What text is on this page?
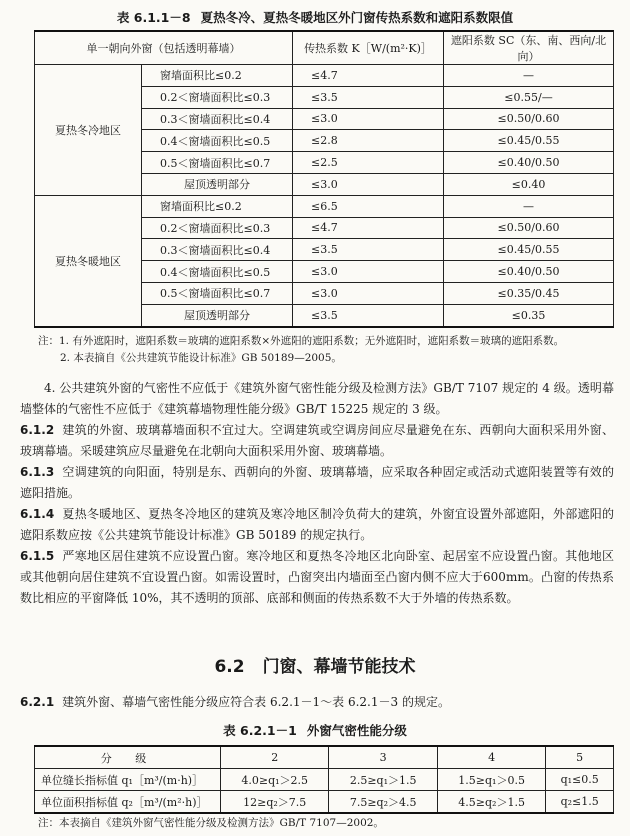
表 6.1.1－8 夏热冬冷、夏热冬暖地区外门窗传热系数和遮阳系数限值
单一朝向外窗（包括透明幕墙）		传热系数 K［W/(m²·K)］	遮阳系数 SC（东、南、西向/北向）
夏热冬冷地区	窗墙面积比≤0.2	≤4.7	—
	0.2＜窗墙面积比≤0.3	≤3.5	≤0.55/—
	0.3＜窗墙面积比≤0.4	≤3.0	≤0.50/0.60
	0.4＜窗墙面积比≤0.5	≤2.8	≤0.45/0.55
	0.5＜窗墙面积比≤0.7	≤2.5	≤0.40/0.50
	屋顶透明部分	≤3.0	≤0.40
夏热冬暖地区	窗墙面积比≤0.2	≤6.5	—
	0.2＜窗墙面积比≤0.3	≤4.7	≤0.50/0.60
	0.3＜窗墙面积比≤0.4	≤3.5	≤0.45/0.55
	0.4＜窗墙面积比≤0.5	≤3.0	≤0.40/0.50
	0.5＜窗墙面积比≤0.7	≤3.0	≤0.35/0.45
	屋顶透明部分	≤3.5	≤0.35
注：1. 有外遮阳时，遮阳系数＝玻璃的遮阳系数×外遮阳的遮阳系数；无外遮阳时，遮阳系数＝玻璃的遮阳系数。
2. 本表摘自《公共建筑节能设计标准》GB 50189—2005。
4. 公共建筑外窗的气密性不应低于《建筑外窗气密性能分级及检测方法》GB/T 7107 规定的 4 级。透明幕墙整体的气密性不应低于《建筑幕墙物理性能分级》GB/T 15225 规定的 3 级。
6.1.2 建筑的外窗、玻璃幕墙面积不宜过大。空调建筑或空调房间应尽量避免在东、西朝向大面积采用外窗、玻璃幕墙。采暖建筑应尽量避免在北朝向大面积采用外窗、玻璃幕墙。
6.1.3 空调建筑的向阳面，特别是东、西朝向的外窗、玻璃幕墙，应采取各种固定或活动式遮阳装置等有效的遮阳措施。
6.1.4 夏热冬暖地区、夏热冬冷地区的建筑及寒冷地区制冷负荷大的建筑，外窗宜设置外部遮阳，外部遮阳的遮阳系数应按《公共建筑节能设计标准》GB 50189 的规定执行。
6.1.5 严寒地区居住建筑不应设置凸窗。寒冷地区和夏热冬冷地区北向卧室、起居室不应设置凸窗。其他地区或其他朝向居住建筑不宜设置凸窗。如需设置时，凸窗突出内墙面至凸窗内侧不应大于600mm。凸窗的传热系数比相应的平窗降低 10%，其不透明的顶部、底部和侧面的传热系数不大于外墙的传热系数。
6.2 门窗、幕墙节能技术
6.2.1 建筑外窗、幕墙气密性能分级应符合表 6.2.1－1～表 6.2.1－3 的规定。
表 6.2.1－1 外窗气密性能分级
分 级	2	3	4	5
单位缝长指标值 q₁［m³/(m·h)］	4.0≥q₁＞2.5	2.5≥q₁＞1.5	1.5≥q₁＞0.5	q₁≤0.5
单位面积指标值 q₂［m³/(m²·h)］	12≥q₂＞7.5	7.5≥q₂＞4.5	4.5≥q₂＞1.5	q₂≤1.5
注：本表摘自《建筑外窗气密性能分级及检测方法》GB/T 7107—2002。
